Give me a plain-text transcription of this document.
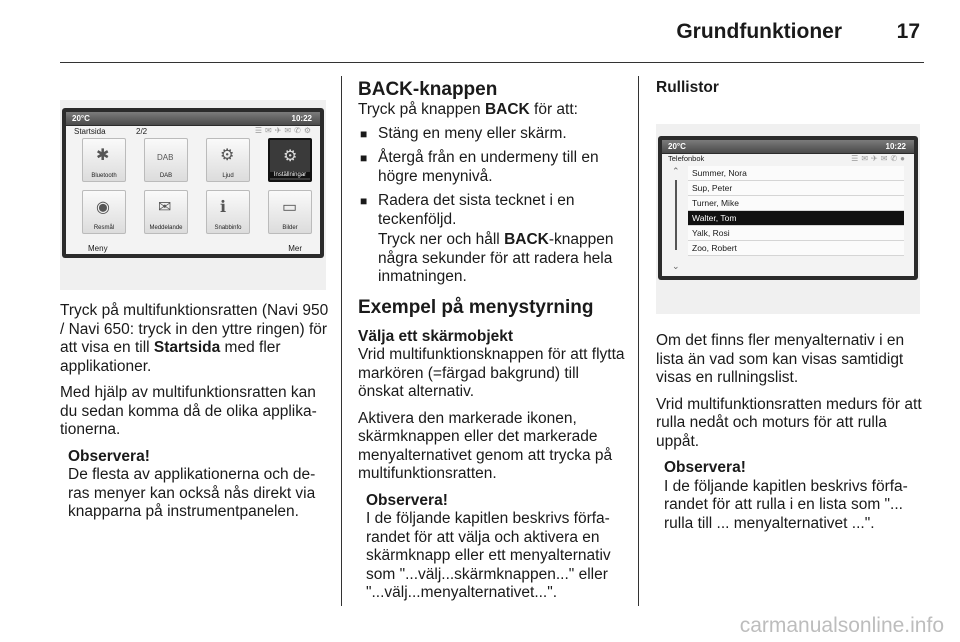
Grundfunktioner	17
20°C	10:22
Startsida	2/2	☰✉✈✉✆⚙
✱
Bluetooth
DAB
DAB
⚙
Ljud
⚙
Inställningar
◉
Resmål
✉
Meddelande
ℹ
Snabbinfo
▭
Bilder
Meny	Mer

Tryck på multifunktionsratten (Navi 950 / Navi 650: tryck in den yttre ringen) för att visa en till Startsida med fler applikationer.

Med hjälp av multifunktionsratten kan du sedan komma då de olika applika-tionerna.

Observera!
De flesta av applikationerna och de-ras menyer kan också nås direkt via knapparna på instrumentpanelen.
BACK-knappen

Tryck på knappen BACK för att:

■ Stäng en meny eller skärm.
■ Återgå från en undermeny till en högre menynivå.
■ Radera det sista tecknet i en teckenföljd.

Tryck ner och håll BACK-knappen några sekunder för att radera hela inmatningen.

Exempel på menystyrning
Välja ett skärmobjekt

Vrid multifunktionsknappen för att flytta markören (=färgad bakgrund) till önskat alternativ.

Aktivera den markerade ikonen, skärmknappen eller det markerade menyalternativet genom att trycka på multifunktionsratten.

Observera!
I de följande kapitlen beskrivs förfa-randet för att välja och aktivera en skärmknapp eller ett menyalternativ som "...välj...skärmknappen..." eller "...välj...menyalternativet...".
Rullistor
20°C	10:22
Telefonbok	☰✉✈✉✆●
⌃
⌄
Summer, Nora
Sup, Peter
Turner, Mike
Walter, Tom
Yalk, Rosi
Zoo, Robert

Om det finns fler menyalternativ i en lista än vad som kan visas samtidigt visas en rullningslist.

Vrid multifunktionsratten medurs för att rulla nedåt och moturs för att rulla uppåt.

Observera!
I de följande kapitlen beskrivs förfa-randet för att rulla i en lista som "... rulla till ... menyalternativet ...".
carmanualsonline.info
